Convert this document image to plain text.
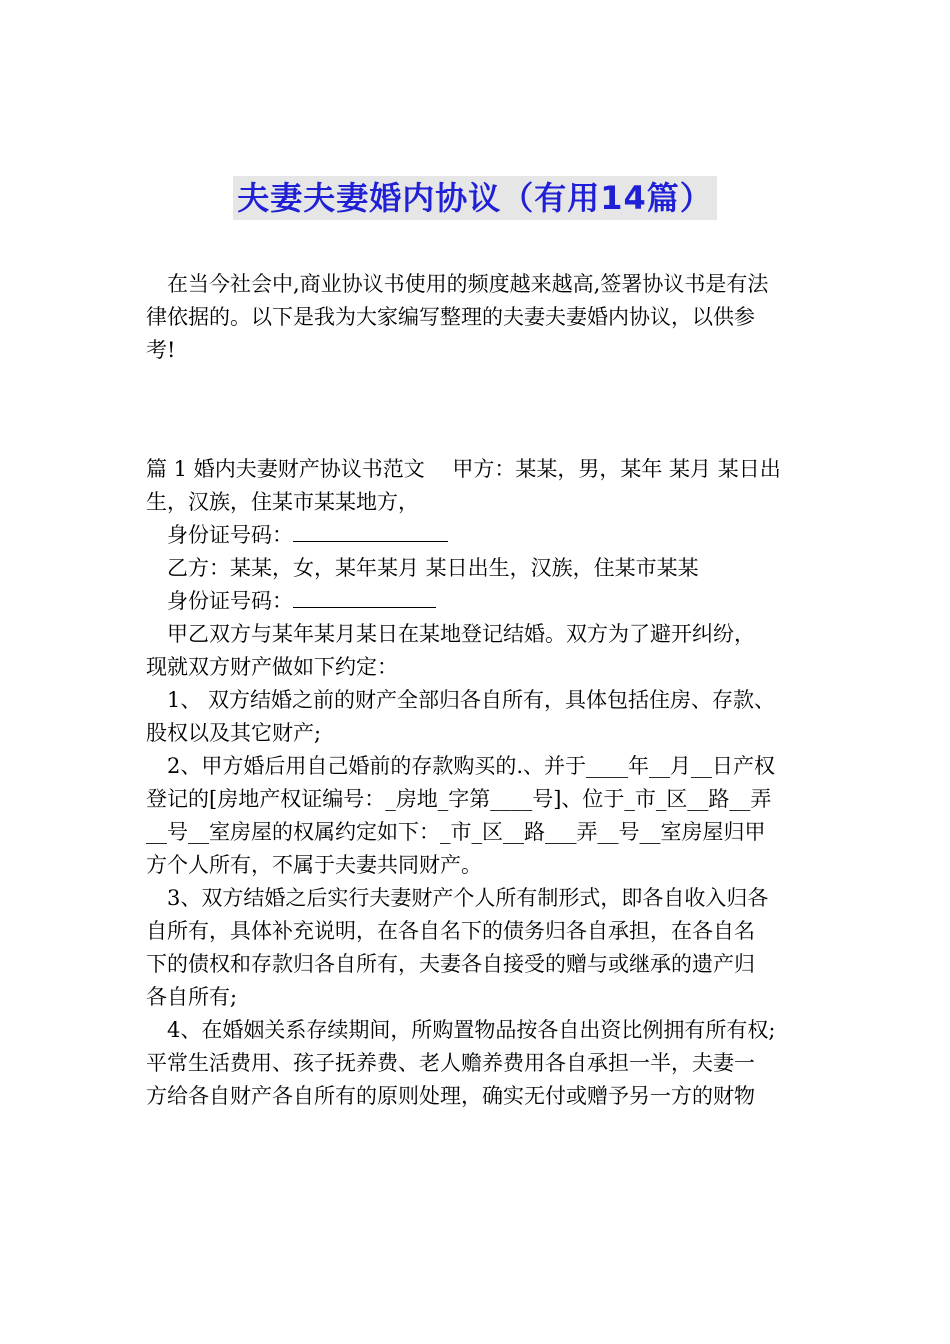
夫妻夫妻婚内协议（有用14篇）

在当今社会中,商业协议书使用的频度越来越高,签署协议书是有法

律依据的。以下是我为大家编写整理的夫妻夫妻婚内协议，以供参

考!

篇 1 婚内夫妻财产协议书范文　 甲方：某某，男，某年 某月 某日出

生，汉族，住某市某某地方，

身份证号码：

乙方：某某，女，某年某月 某日出生，汉族，住某市某某

身份证号码：

甲乙双方与某年某月某日在某地登记结婚。双方为了避开纠纷，

现就双方财产做如下约定：

1、 双方结婚之前的财产全部归各自所有，具体包括住房、存款、

股权以及其它财产;

2、甲方婚后用自己婚前的存款购买的.、并于____年__月__日产权

登记的[房地产权证编号：_房地_字第____号]、位于_市_区__路__弄

__号__室房屋的权属约定如下：_市_区__路___弄__号__室房屋归甲

方个人所有，不属于夫妻共同财产。

3、双方结婚之后实行夫妻财产个人所有制形式，即各自收入归各

自所有，具体补充说明，在各自名下的债务归各自承担，在各自名

下的债权和存款归各自所有，夫妻各自接受的赠与或继承的遗产归

各自所有;

4、在婚姻关系存续期间，所购置物品按各自出资比例拥有所有权;

平常生活费用、孩子抚养费、老人赡养费用各自承担一半，夫妻一

方给各自财产各自所有的原则处理，确实无付或赠予另一方的财物
